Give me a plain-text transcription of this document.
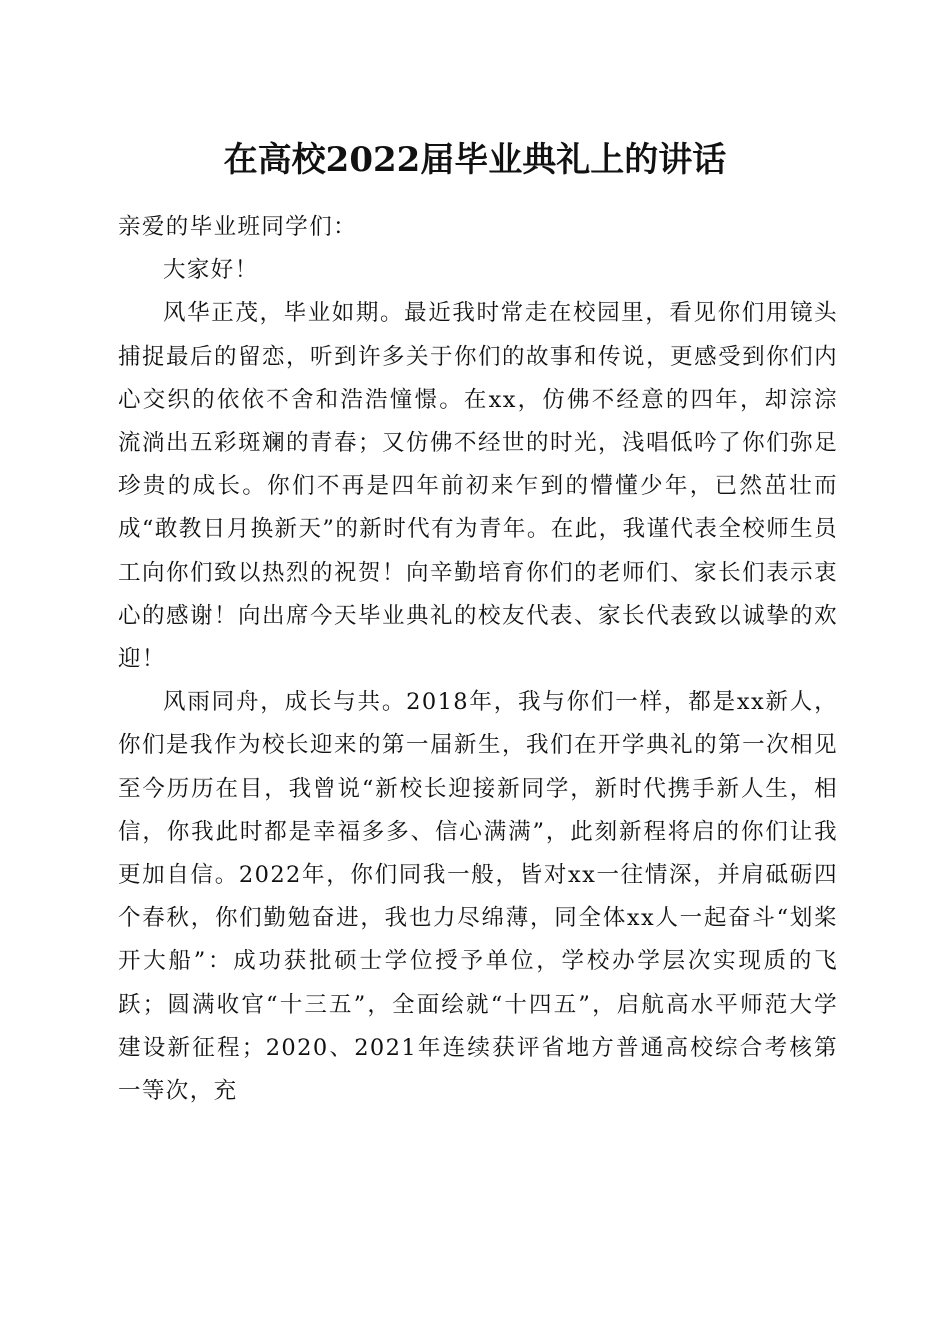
在高校2022届毕业典礼上的讲话

亲爱的毕业班同学们：

大家好！

风华正茂，毕业如期。最近我时常走在校园里，看见你们用镜头捕捉最后的留恋，听到许多关于你们的故事和传说，更感受到你们内心交织的依依不舍和浩浩憧憬。在xx，仿佛不经意的四年，却淙淙流淌出五彩斑斓的青春；又仿佛不经世的时光，浅唱低吟了你们弥足珍贵的成长。你们不再是四年前初来乍到的懵懂少年，已然茁壮而成“敢教日月换新天”的新时代有为青年。在此，我谨代表全校师生员工向你们致以热烈的祝贺！向辛勤培育你们的老师们、家长们表示衷心的感谢！向出席今天毕业典礼的校友代表、家长代表致以诚挚的欢迎！

风雨同舟，成长与共。2018年，我与你们一样，都是xx新人，你们是我作为校长迎来的第一届新生，我们在开学典礼的第一次相见至今历历在目，我曾说“新校长迎接新同学，新时代携手新人生，相信，你我此时都是幸福多多、信心满满”，此刻新程将启的你们让我更加自信。2022年，你们同我一般，皆对xx一往情深，并肩砥砺四个春秋，你们勤勉奋进，我也力尽绵薄，同全体xx人一起奋斗“划桨开大船”：成功获批硕士学位授予单位，学校办学层次实现质的飞跃；圆满收官“十三五”，全面绘就“十四五”，启航高水平师范大学建设新征程；2020、2021年连续获评省地方普通高校综合考核第一等次，充
